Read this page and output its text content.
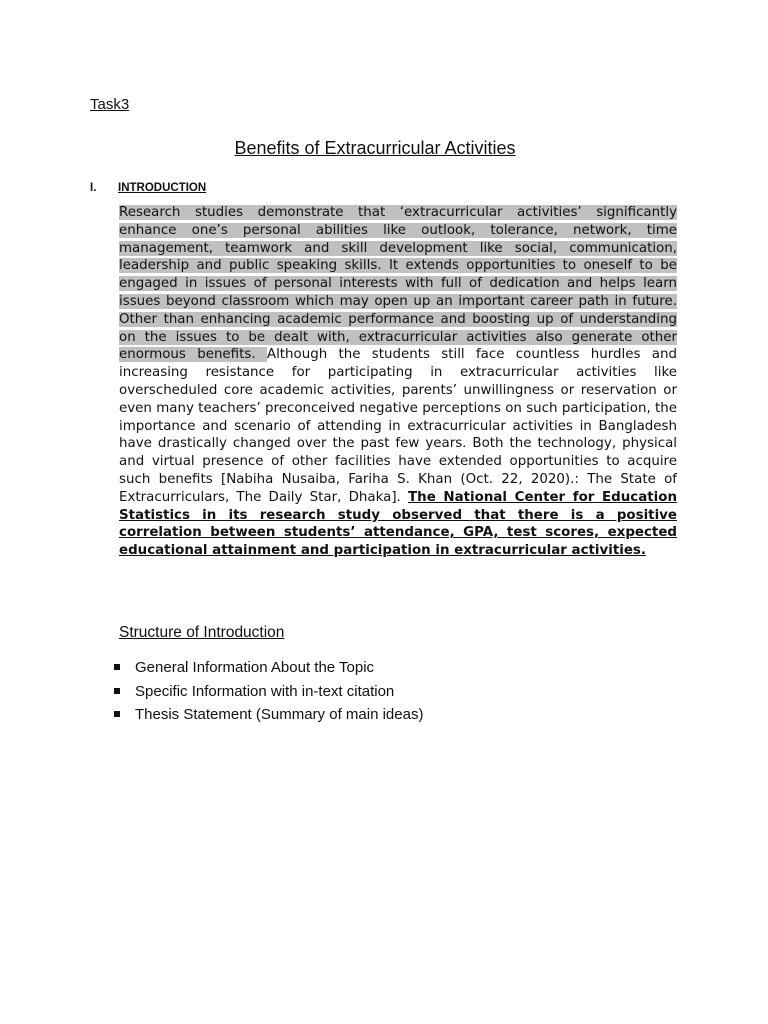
Task3
Benefits of Extracurricular Activities
I. INTRODUCTION

Research studies demonstrate that ‘extracurricular activities’ significantly enhance one’s personal abilities like outlook, tolerance, network, time management, teamwork and skill development like social, communication, leadership and public speaking skills. It extends opportunities to oneself to be engaged in issues of personal interests with full of dedication and helps learn issues beyond classroom which may open up an important career path in future. Other than enhancing academic performance and boosting up of understanding on the issues to be dealt with, extracurricular activities also generate other enormous benefits. Although the students still face countless hurdles and increasing resistance for participating in extracurricular activities like overscheduled core academic activities, parents’ unwillingness or reservation or even many teachers’ preconceived negative perceptions on such participation, the importance and scenario of attending in extracurricular activities in Bangladesh have drastically changed over the past few years. Both the technology, physical and virtual presence of other facilities have extended opportunities to acquire such benefits [Nabiha Nusaiba, Fariha S. Khan (Oct. 22, 2020).: The State of Extracurriculars, The Daily Star, Dhaka]. The National Center for Education Statistics in its research study observed that there is a positive correlation between students’ attendance, GPA, test scores, expected educational attainment and participation in extracurricular activities.

Structure of Introduction
General Information About the Topic
Specific Information with in-text citation
Thesis Statement (Summary of main ideas)
